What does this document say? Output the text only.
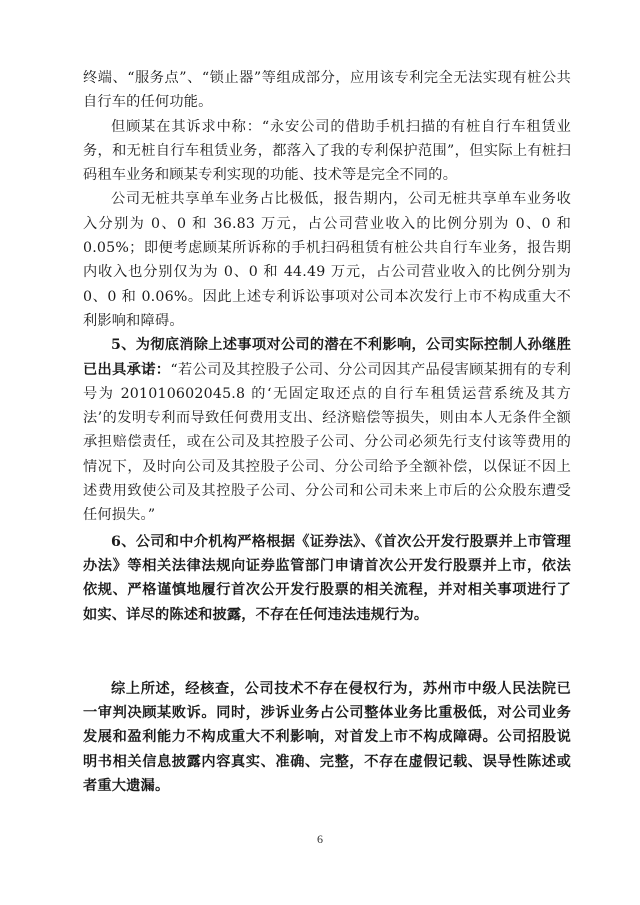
终端、“服务点”、“锁止器”等组成部分，应用该专利完全无法实现有桩公共自行车的任何功能。

但顾某在其诉求中称：“永安公司的借助手机扫描的有桩自行车租赁业务，和无桩自行车租赁业务，都落入了我的专利保护范围”，但实际上有桩扫码租车业务和顾某专利实现的功能、技术等是完全不同的。

公司无桩共享单车业务占比极低，报告期内，公司无桩共享单车业务收入分别为 0、0 和 36.83 万元，占公司营业收入的比例分别为 0、0 和 0.05%；即便考虑顾某所诉称的手机扫码租赁有桩公共自行车业务，报告期内收入也分别仅为为 0、0 和 44.49 万元，占公司营业收入的比例分别为 0、0 和 0.06%。因此上述专利诉讼事项对公司本次发行上市不构成重大不利影响和障碍。

5、为彻底消除上述事项对公司的潜在不利影响，公司实际控制人孙继胜已出具承诺：“若公司及其控股子公司、分公司因其产品侵害顾某拥有的专利号为 201010602045.8 的‘无固定取还点的自行车租赁运营系统及其方法’的发明专利而导致任何费用支出、经济赔偿等损失，则由本人无条件全额承担赔偿责任，或在公司及其控股子公司、分公司必须先行支付该等费用的情况下，及时向公司及其控股子公司、分公司给予全额补偿，以保证不因上述费用致使公司及其控股子公司、分公司和公司未来上市后的公众股东遭受任何损失。”

6、公司和中介机构严格根据《证券法》、《首次公开发行股票并上市管理办法》等相关法律法规向证券监管部门申请首次公开发行股票并上市，依法依规、严格谨慎地履行首次公开发行股票的相关流程，并对相关事项进行了如实、详尽的陈述和披露，不存在任何违法违规行为。

综上所述，经核查，公司技术不存在侵权行为，苏州市中级人民法院已一审判决顾某败诉。同时，涉诉业务占公司整体业务比重极低，对公司业务发展和盈利能力不构成重大不利影响，对首发上市不构成障碍。公司招股说明书相关信息披露内容真实、准确、完整，不存在虚假记载、误导性陈述或者重大遗漏。

6
